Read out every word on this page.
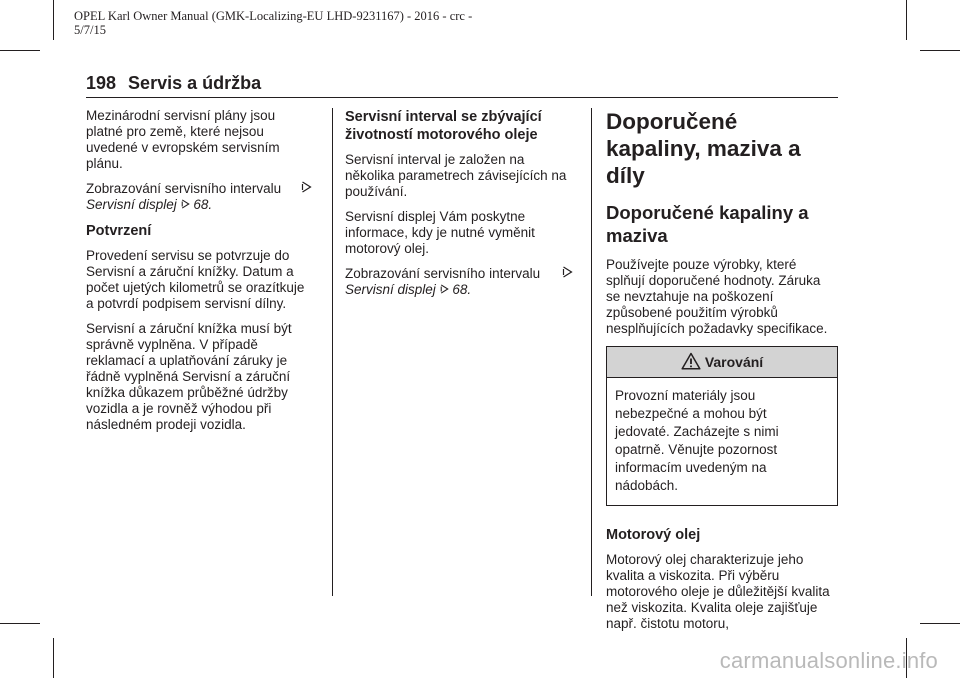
OPEL Karl Owner Manual (GMK-Localizing-EU LHD-9231167) - 2016 - crc -
5/7/15
198 Servis a údržba

Mezinárodní servisní plány jsou platné pro země, které nejsou uvedené v evropském servisním plánu.

Zobrazování servisního intervalu

Servisní displej 68.

Potvrzení

Provedení servisu se potvrzuje do Servisní a záruční knížky. Datum a počet ujetých kilometrů se orazítkuje a potvrdí podpisem servisní dílny.

Servisní a záruční knížka musí být správně vyplněna. V případě reklamací a uplatňování záruky je řádně vyplněná Servisní a záruční knížka důkazem průběžné údržby vozidla a je rovněž výhodou při následném prodeji vozidla.

Servisní interval se zbývající životností motorového oleje

Servisní interval je založen na několika parametrech závisejících na používání.

Servisní displej Vám poskytne informace, kdy je nutné vyměnit motorový olej.

Zobrazování servisního intervalu

Servisní displej 68.

Doporučené kapaliny, maziva a díly
Doporučené kapaliny a maziva

Používejte pouze výrobky, které splňují doporučené hodnoty. Záruka se nevztahuje na poškození způsobené použitím výrobků nesplňujících požadavky specifikace.

Varování
Provozní materiály jsou nebezpečné a mohou být jedovaté. Zacházejte s nimi opatrně. Věnujte pozornost informacím uvedeným na nádobách.
Motorový olej

Motorový olej charakterizuje jeho kvalita a viskozita. Při výběru motorového oleje je důležitější kvalita než viskozita. Kvalita oleje zajišťuje např. čistotu motoru,

carmanualsonline.info
